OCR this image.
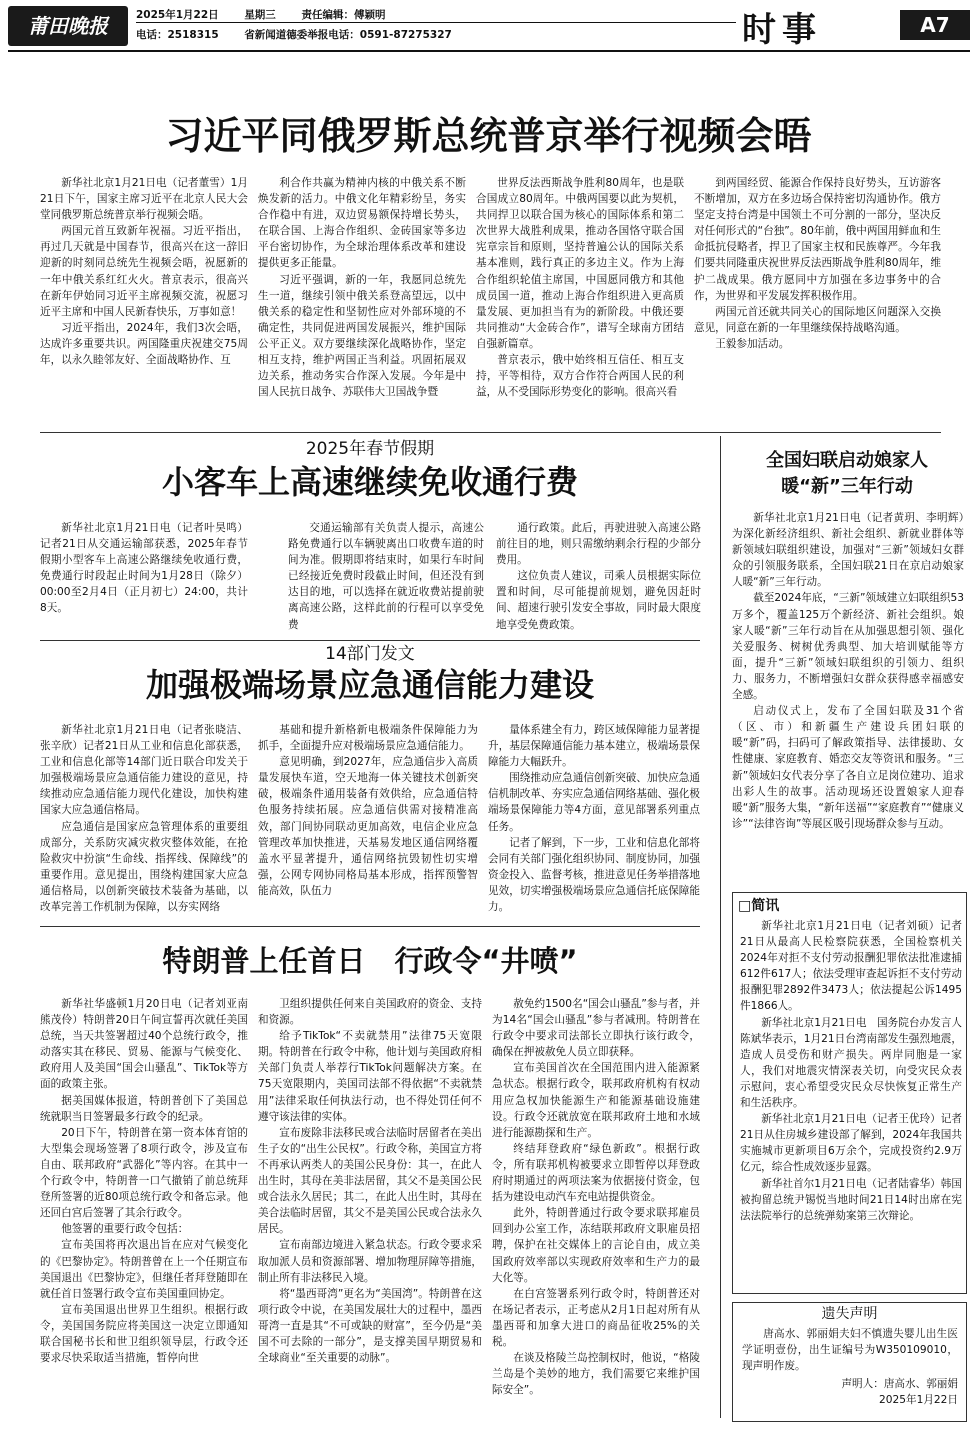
莆田晚报	2025年1月22日 星期三 责任编辑：傅颖明
电话：2518315 省新闻道德委举报电话：0591-87275327	时事	A7
习近平同俄罗斯总统普京举行视频会晤

新华社北京1月21日电（记者董雪）1月21日下午，国家主席习近平在北京人民大会堂同俄罗斯总统普京举行视频会晤。

两国元首互致新年祝福。习近平指出，再过几天就是中国春节，很高兴在这一辞旧迎新的时刻同总统先生视频会晤，祝愿新的一年中俄关系红红火火。普京表示，很高兴在新年伊始同习近平主席视频交流，祝愿习近平主席和中国人民新春快乐，万事如意！

习近平指出，2024年，我们3次会晤，达成许多重要共识。两国隆重庆祝建交75周年，以永久睦邻友好、全面战略协作、互

利合作共赢为精神内核的中俄关系不断焕发新的活力。中俄文化年精彩纷呈，务实合作稳中有进，双边贸易额保持增长势头，在联合国、上海合作组织、金砖国家等多边平台密切协作，为全球治理体系改革和建设提供更多正能量。

习近平强调，新的一年，我愿同总统先生一道，继续引领中俄关系登高望远，以中俄关系的稳定性和坚韧性应对外部环境的不确定性，共同促进两国发展振兴，维护国际公平正义。双方要继续深化战略协作，坚定相互支持，维护两国正当利益。巩固拓展双边关系，推动务实合作深入发展。今年是中国人民抗日战争、苏联伟大卫国战争暨

世界反法西斯战争胜利80周年，也是联合国成立80周年。中俄两国要以此为契机，共同捍卫以联合国为核心的国际体系和第二次世界大战胜利成果，推动各国恪守联合国宪章宗旨和原则，坚持普遍公认的国际关系基本准则，践行真正的多边主义。作为上海合作组织轮值主席国，中国愿同俄方和其他成员国一道，推动上海合作组织进入更高质量发展、更加担当有为的新阶段。中俄还要共同推动“大金砖合作”，谱写全球南方团结自强新篇章。

普京表示，俄中始终相互信任、相互支持，平等相待，双方合作符合两国人民的利益，从不受国际形势变化的影响。很高兴看

到两国经贸、能源合作保持良好势头，互访游客不断增加，双方在多边场合保持密切沟通协作。俄方坚定支持台湾是中国领土不可分割的一部分，坚决反对任何形式的“台独”。80年前，俄中两国用鲜血和生命抵抗侵略者，捍卫了国家主权和民族尊严。今年我们要共同隆重庆祝世界反法西斯战争胜利80周年，维护二战成果。俄方愿同中方加强在多边事务中的合作，为世界和平发展发挥积极作用。

两国元首还就共同关心的国际地区问题深入交换意见，同意在新的一年里继续保持战略沟通。

王毅参加活动。

2025年春节假期
小客车上高速继续免收通行费

新华社北京1月21日电（记者叶昊鸣）记者21日从交通运输部获悉，2025年春节假期小型客车上高速公路继续免收通行费，免费通行时段起止时间为1月28日（除夕）00:00至2月4日（正月初七）24:00，共计8天。

交通运输部有关负责人提示，高速公路免费通行以车辆驶离出口收费车道的时间为准。假期即将结束时，如果行车时间已经接近免费时段截止时间，但还没有到达目的地，可以选择在就近收费站提前驶离高速公路，这样此前的行程可以享受免费

通行政策。此后，再驶进驶入高速公路前往目的地，则只需缴纳剩余行程的少部分费用。

这位负责人建议，司乘人员根据实际位置和时间，尽可能提前规划，避免因赶时间、超速行驶引发安全事故，同时最大限度地享受免费政策。

14部门发文
加强极端场景应急通信能力建设

新华社北京1月21日电（记者张晓洁、张辛欣）记者21日从工业和信息化部获悉，工业和信息化部等14部门近日联合印发关于加强极端场景应急通信能力建设的意见，持续推动应急通信能力现代化建设，加快构建国家大应急通信格局。

应急通信是国家应急管理体系的重要组成部分，关系防灾减灾救灾整体效能，在抢险救灾中扮演“生命线、指挥线、保障线”的重要作用。意见提出，围绕构建国家大应急通信格局，以创新突破技术装备为基础，以改革完善工作机制为保障，以夯实网络

基础和提升新格新电极端条件保障能力为抓手，全面提升应对极端场景应急通信能力。

意见明确，到2027年，应急通信步入高质量发展快车道，空天地海一体关键技术创新突破，极端条件通用装备有效供给，应急通信特色服务持续拓展。应急通信供需对接精准高效，部门间协同联动更加高效，电信企业应急管理改革加快推进，天基易发地区通信网络覆盖水平显著提升，通信网络抗毁韧性切实增强，公网专网协同格局基本形成，指挥预警智能高效，队伍力

量体系建全有力，跨区域保障能力显著提升，基层保障通信能力基本建立，极端场景保障能力大幅跃升。

围绕推动应急通信创新突破、加快应急通信机制改革、夯实应急通信网络基础、强化极端场景保障能力等4方面，意见部署系列重点任务。

记者了解到，下一步，工业和信息化部将会同有关部门强化组织协同、制度协同，加强资金投入、监督考核，推进意见任务举措落地见效，切实增强极端场景应急通信托底保障能力。

特朗普上任首日　行政令“井喷”

新华社华盛顿1月20日电（记者刘亚南　熊茂伶）特朗普20日午间宣誓再次就任美国总统，当天共签署超过40个总统行政令，推动落实其在移民、贸易、能源与气候变化、政府用人及美国“国会山骚乱”、TikTok等方面的政策主张。

据美国媒体报道，特朗普创下了美国总统就职当日签署最多行政令的纪录。

20日下午，特朗普在第一资本体育馆的大型集会现场签署了8项行政令，涉及宣布自由、联邦政府“武器化”等内容。在其中一个行政令中，特朗普一口气撤销了前总统拜登所签署的近80项总统行政令和备忘录。他还回白宫后签署了其余行政令。

他签署的重要行政令包括：

宣布美国将再次退出旨在应对气候变化的《巴黎协定》。特朗普曾在上一个任期宣布美国退出《巴黎协定》，但继任者拜登随即在就任首日签署行政令宣布美国重回协定。

宣布美国退出世界卫生组织。根据行政令，美国国务院应将美国这一决定立即通知联合国秘书长和世卫组织领导层，行政令还要求尽快采取适当措施，暂停向世

卫组织提供任何来自美国政府的资金、支持和资源。

给予TikTok“不卖就禁用”法律75天宽限期。特朗普在行政令中称，他计划与美国政府相关部门负责人举荐行TikTok问题解决方案。在75天宽限期内，美国司法部不得依据“不卖就禁用”法律采取任何执法行动，也不得处罚任何不遵守该法律的实体。

宣布废除非法移民或合法临时居留者在美出生子女的“出生公民权”。行政令称，美国宣方将不再承认两类人的美国公民身份：其一，在此人出生时，其母在美非法居留，其父不是美国公民或合法永久居民；其二，在此人出生时，其母在美合法临时居留，其父不是美国公民或合法永久居民。

宣布南部边境进入紧急状态。行政令要求采取加派人员和资源部署、增加物理屏障等措施，制止所有非法移民入境。

将“墨西哥湾”更名为“美国湾”。特朗普在这项行政令中说，在美国发展壮大的过程中，墨西哥湾一直是其“不可或缺的财富”，至今仍是“美国不可去除的一部分”，是支撑美国早期贸易和全球商业“至关重要的动脉”。

赦免约1500名“国会山骚乱”参与者，并为14名“国会山骚乱”参与者减刑。特朗普在行政令中要求司法部长立即执行该行政令，确保在押被赦免人员立即获释。

宣布美国首次在全国范围内进入能源紧急状态。根据行政令，联邦政府机构有权动用应急权加快能源生产和能源基础设施建设。行政令还就放宽在联邦政府土地和水域进行能源勘探和生产。

终结拜登政府“绿色新政”。根据行政令，所有联邦机构被要求立即暂停以拜登政府时期通过的两项法案为依据接付资金，包括为建设电动汽车充电站提供资金。

此外，特朗普通过行政令要求联邦雇员回到办公室工作，冻结联邦政府文职雇员招聘，保护在社交媒体上的言论自由，成立美国政府效率部以实现政府效率和生产力的最大化等。

在白宫签署系列行政令时，特朗普还对在场记者表示，正考虑从2月1日起对所有从墨西哥和加拿大进口的商品征收25%的关税。

在谈及格陵兰岛控制权时，他说，“格陵兰岛是个美妙的地方，我们需要它来维护国际安全”。

全国妇联启动娘家人
暖“新”三年行动

新华社北京1月21日电（记者黄玥、李明辉）为深化新经济组织、新社会组织、新就业群体等新领域妇联组织建设，加强对“三新”领域妇女群众的引领服务联系，全国妇联21日在京启动娘家人暖“新”三年行动。

截至2024年底，“三新”领域建立妇联组织53万多个，覆盖125万个新经济、新社会组织。娘家人暖“新”三年行动旨在从加强思想引领、强化关爱服务、树树优秀典型、加大培训赋能等方面，提升“三新”领域妇联组织的引领力、组织力、服务力，不断增强妇女群众获得感幸福感安全感。

启动仪式上，发布了全国妇联及31个省（区、市）和新疆生产建设兵团妇联的暖“新”码，扫码可了解政策指导、法律援助、女性健康、家庭教育、婚恋交友等资讯和服务。“三新”领域妇女代表分享了各自立足岗位建功、追求出彩人生的故事。活动现场还设置娘家人迎春暖“新”服务大集，“新年送福”“家庭教育”“健康义诊”“法律咨询”等展区吸引现场群众参与互动。

□简讯

新华社北京1月21日电（记者刘硕）记者21日从最高人民检察院获悉，全国检察机关2024年对拒不支付劳动报酬犯罪依法批准逮捕612件617人；依法受理审查起诉拒不支付劳动报酬犯罪2892件3473人；依法提起公诉1495件1866人。

新华社北京1月21日电　国务院台办发言人陈斌华表示，1月21日台湾南部发生强烈地震，造成人员受伤和财产损失。两岸同胞是一家人，我们对地震灾情深表关切，向受灾民众表示慰问，衷心希望受灾民众尽快恢复正常生产和生活秩序。

新华社北京1月21日电（记者王优玲）记者21日从住房城乡建设部了解到，2024年我国共实施城市更新项目6万余个，完成投资约2.9万亿元，综合性成效逐步显露。

新华社首尔1月21日电（记者陆睿华）韩国被拘留总统尹锡悦当地时间21日14时出席在宪法法院举行的总统弹劾案第三次辩论。

遗失声明

唐高水、郭丽娟夫妇不慎遗失婴儿出生医学证明壹份，出生证编号为W350109010，现声明作废。

声明人：唐高水、郭丽娟
2025年1月22日
